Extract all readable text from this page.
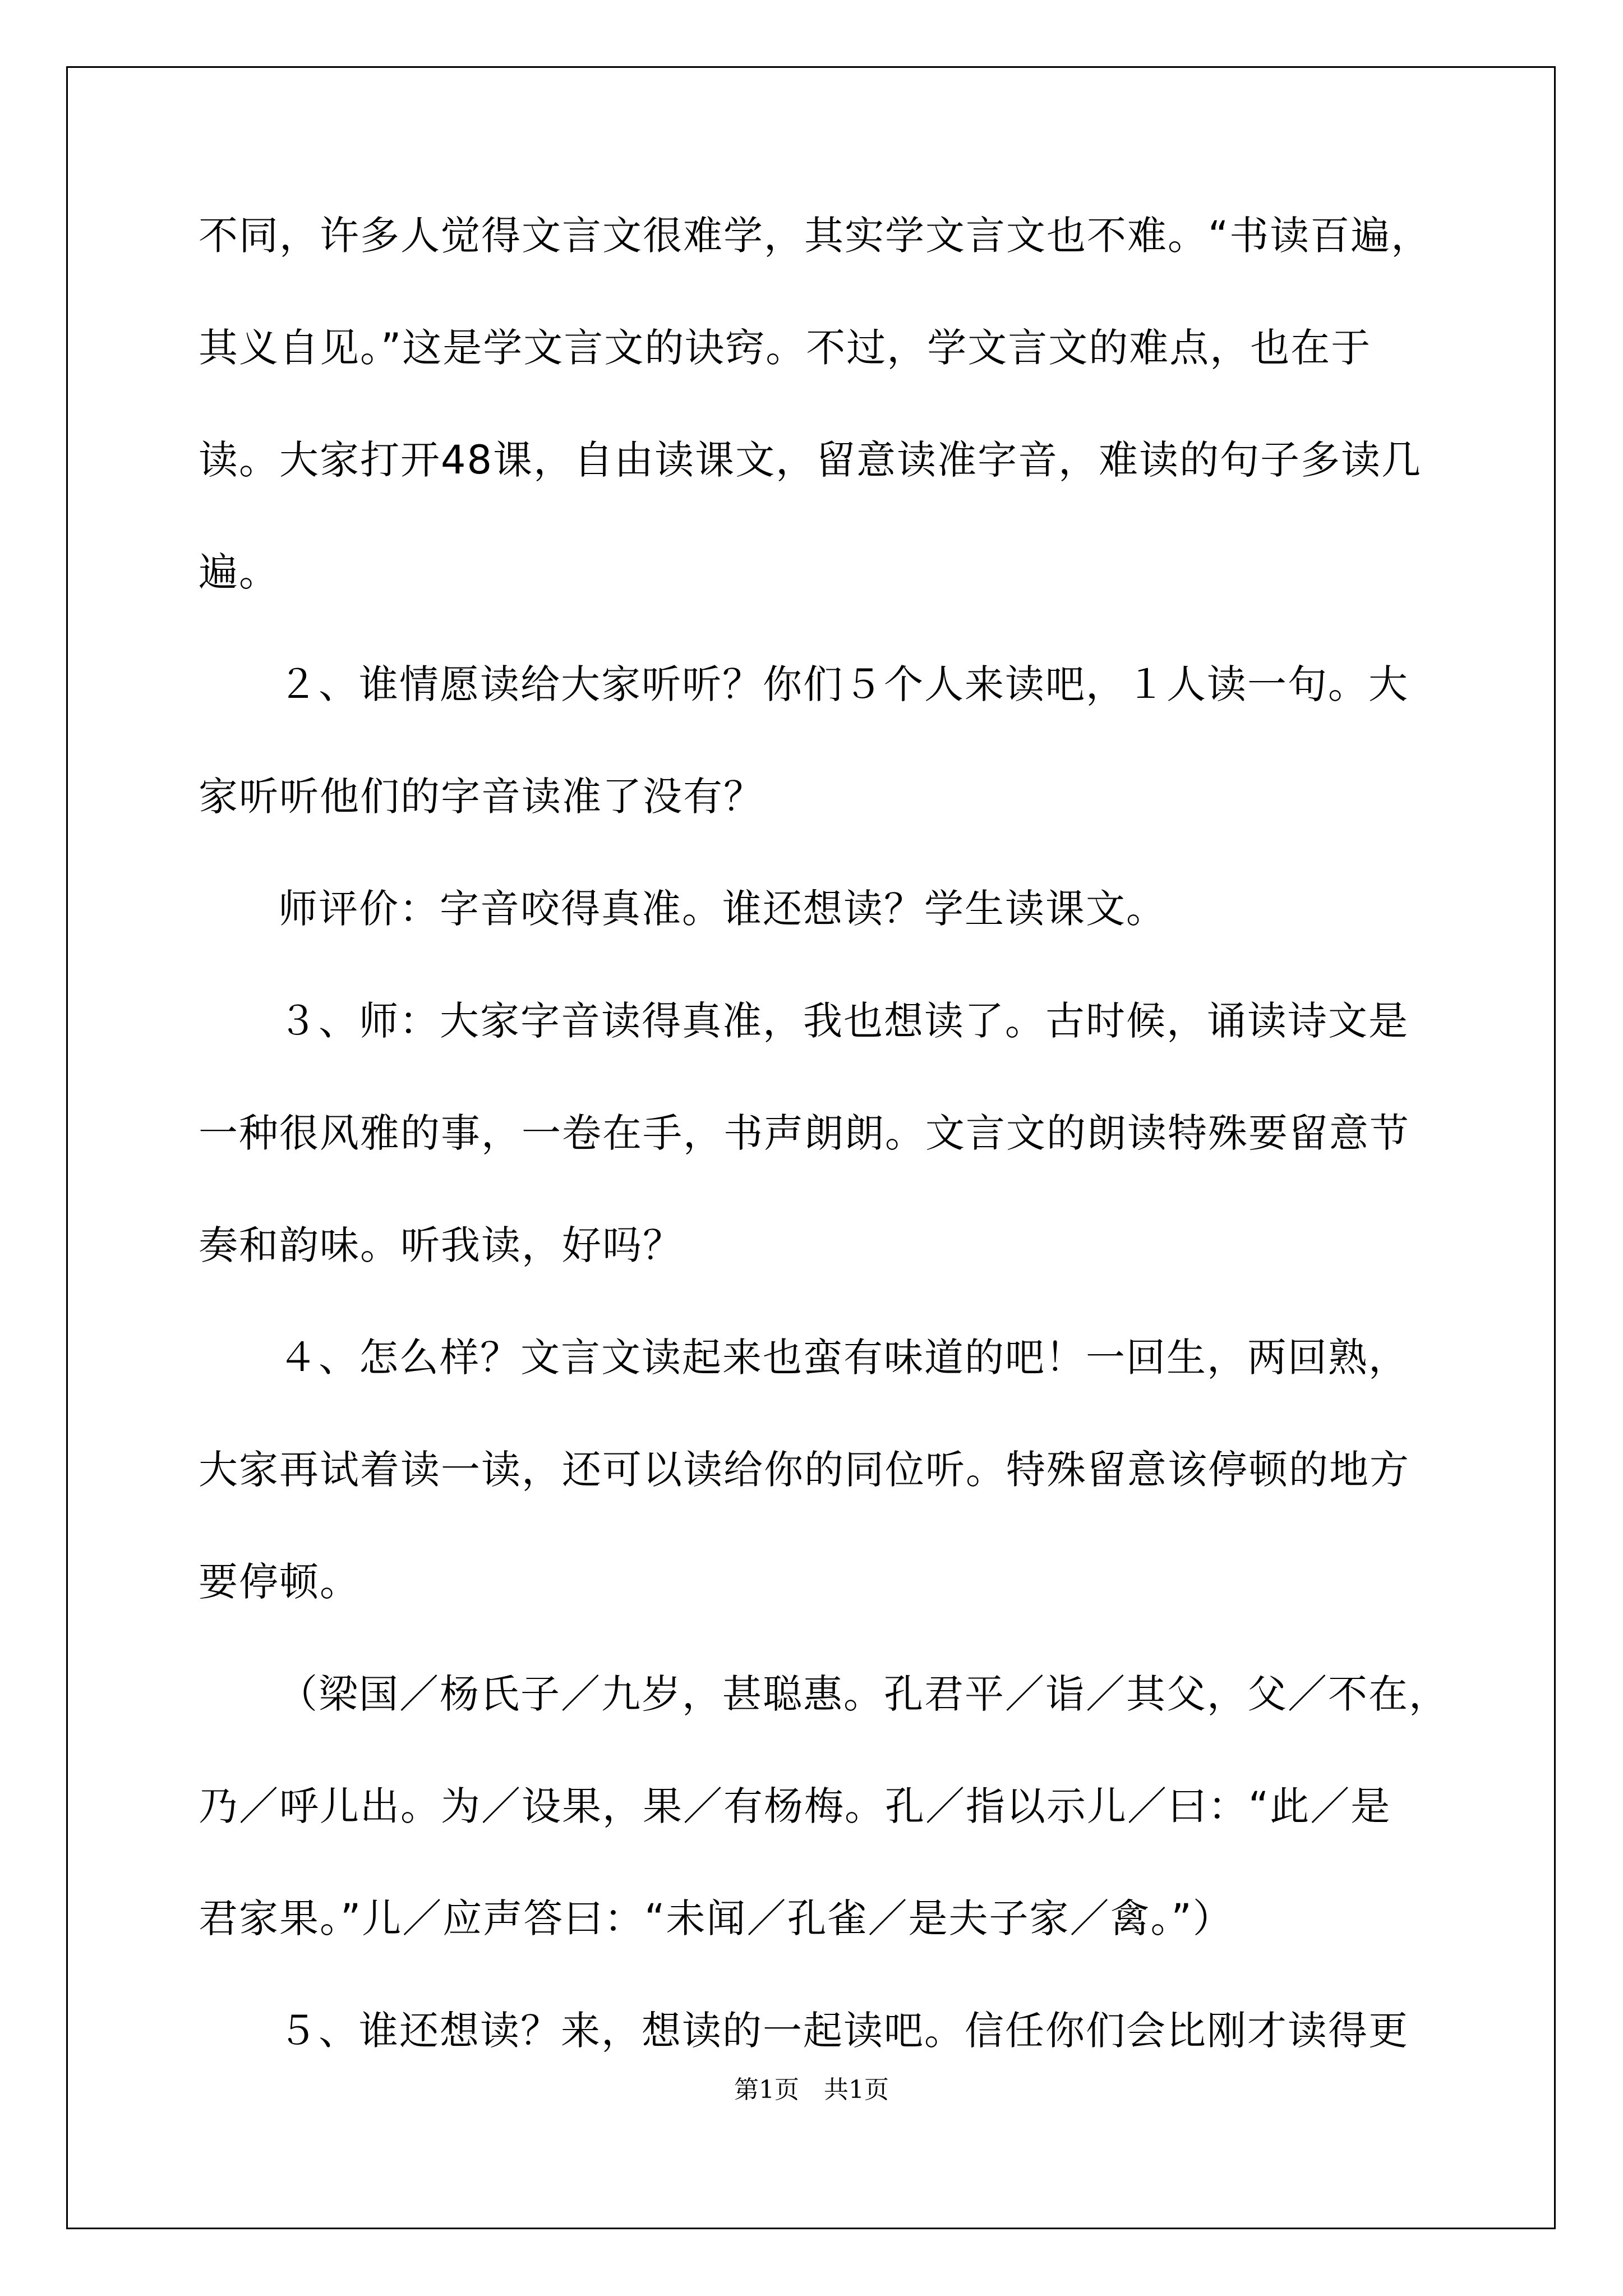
不同，许多人觉得文言文很难学，其实学文言文也不难。“书读百遍，
其义自见。”这是学文言文的诀窍。不过，学文言文的难点，也在于
读。大家打开48课，自由读课文，留意读准字音，难读的句子多读几
遍。
２、谁情愿读给大家听听？你们５个人来读吧，１人读一句。大
家听听他们的字音读准了没有？
师评价：字音咬得真准。谁还想读？学生读课文。
３、师：大家字音读得真准，我也想读了。古时候，诵读诗文是
一种很风雅的事，一卷在手，书声朗朗。文言文的朗读特殊要留意节
奏和韵味。听我读，好吗？
４、怎么样？文言文读起来也蛮有味道的吧！一回生，两回熟，
大家再试着读一读，还可以读给你的同位听。特殊留意该停顿的地方
要停顿。
（梁国／杨氏子／九岁，甚聪惠。孔君平／诣／其父，父／不在，
乃／呼儿出。为／设果，果／有杨梅。孔／指以示儿／曰：“此／是
君家果。”儿／应声答曰：“未闻／孔雀／是夫子家／禽。”）
５、谁还想读？来，想读的一起读吧。信任你们会比刚才读得更
第1页 共1页
